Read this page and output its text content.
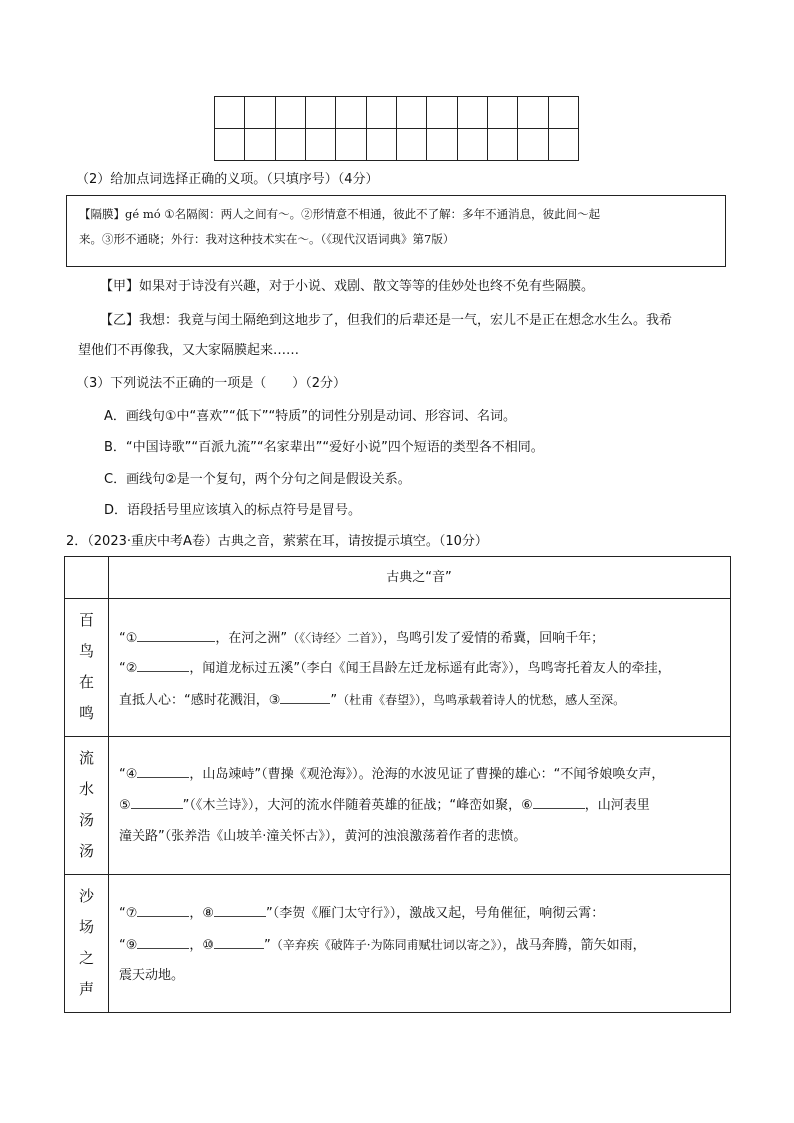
（2）给加点词选择正确的义项。（只填序号）（4分）
【隔膜】gé mó ①名隔阂：两人之间有～。②形情意不相通，彼此不了解：多年不通消息，彼此间～起
来。③形不通晓；外行：我对这种技术实在～。（《现代汉语词典》第7版）
【甲】如果对于诗没有兴趣，对于小说、戏剧、散文等等的佳妙处也终不免有些隔膜。
【乙】我想：我竟与闰土隔绝到这地步了，但我们的后辈还是一气，宏儿不是正在想念水生么。我希
望他们不再像我，又大家隔膜起来……
（3）下列说法不正确的一项是（　　）（2分）
A．画线句①中“喜欢”“低下”“特质”的词性分别是动词、形容词、名词。
B．“中国诗歌”“百派九流”“名家辈出”“爱好小说”四个短语的类型各不相同。
C．画线句②是一个复句，两个分句之间是假设关系。
D．语段括号里应该填入的标点符号是冒号。
2．（2023·重庆中考A卷）古典之音，萦萦在耳，请按提示填空。（10分）
古典之“音”
百
鸟
在
鸣
“①	，在河之洲”（《〈诗经〉二首》），鸟鸣引发了爱情的希冀，回响千年；
“②	，闻道龙标过五溪”（李白《闻王昌龄左迁龙标遥有此寄》），鸟鸣寄托着友人的牵挂，
直抵人心：“感时花溅泪，③	”（杜甫《春望》），鸟鸣承载着诗人的忧愁，感人至深。
流
水
汤
汤
“④	，山岛竦峙”（曹操《观沧海》）。沧海的水波见证了曹操的雄心：“不闻爷娘唤女声，
⑤	”（《木兰诗》），大河的流水伴随着英雄的征战；“峰峦如聚，⑥	，山河表里
潼关路”（张养浩《山坡羊·潼关怀古》），黄河的浊浪激荡着作者的悲愤。
沙
场
之
声
“⑦	，⑧	”（李贺《雁门太守行》），激战又起，号角催征，响彻云霄：
“⑨	，⑩	”（辛弃疾《破阵子·为陈同甫赋壮词以寄之》），战马奔腾，箭矢如雨，
震天动地。
